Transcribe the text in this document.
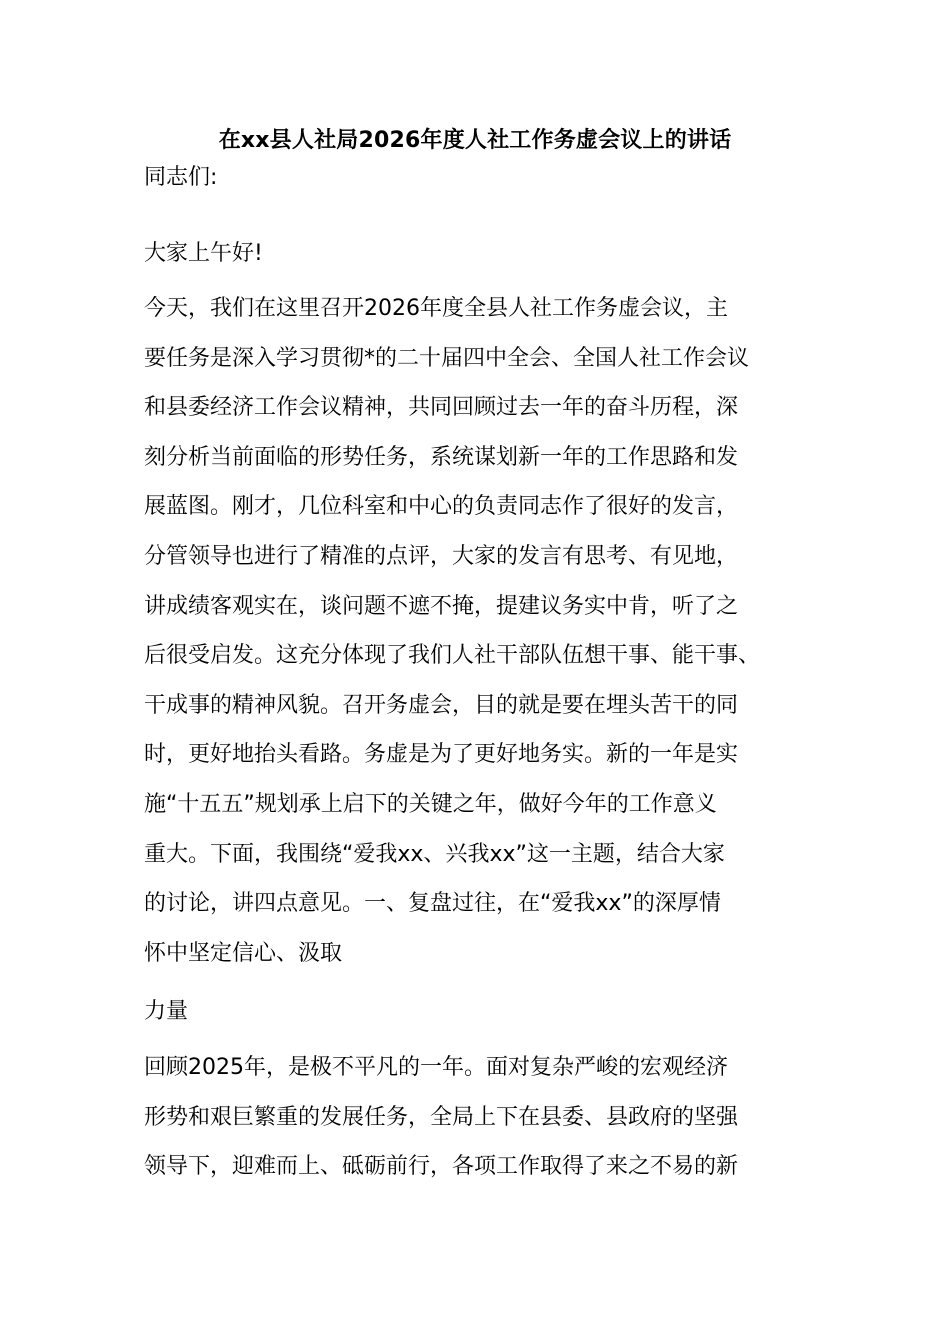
在xx县人社局2026年度人社工作务虚会议上的讲话

同志们:

大家上午好!

今天，我们在这里召开2026年度全县人社工作务虚会议，主
要任务是深入学习贯彻*的二十届四中全会、全国人社工作会议
和县委经济工作会议精神，共同回顾过去一年的奋斗历程，深
刻分析当前面临的形势任务，系统谋划新一年的工作思路和发
展蓝图。刚才，几位科室和中心的负责同志作了很好的发言，
分管领导也进行了精准的点评，大家的发言有思考、有见地，
讲成绩客观实在，谈问题不遮不掩，提建议务实中肯，听了之
后很受启发。这充分体现了我们人社干部队伍想干事、能干事、
干成事的精神风貌。召开务虚会，目的就是要在埋头苦干的同
时，更好地抬头看路。务虚是为了更好地务实。新的一年是实
施“十五五”规划承上启下的关键之年，做好今年的工作意义
重大。下面，我围绕“爱我xx、兴我xx”这一主题，结合大家
的讨论，讲四点意见。一、复盘过往，在“爱我xx”的深厚情
怀中坚定信心、汲取

力量

回顾2025年，是极不平凡的一年。面对复杂严峻的宏观经济
形势和艰巨繁重的发展任务，全局上下在县委、县政府的坚强
领导下，迎难而上、砥砺前行，各项工作取得了来之不易的新
